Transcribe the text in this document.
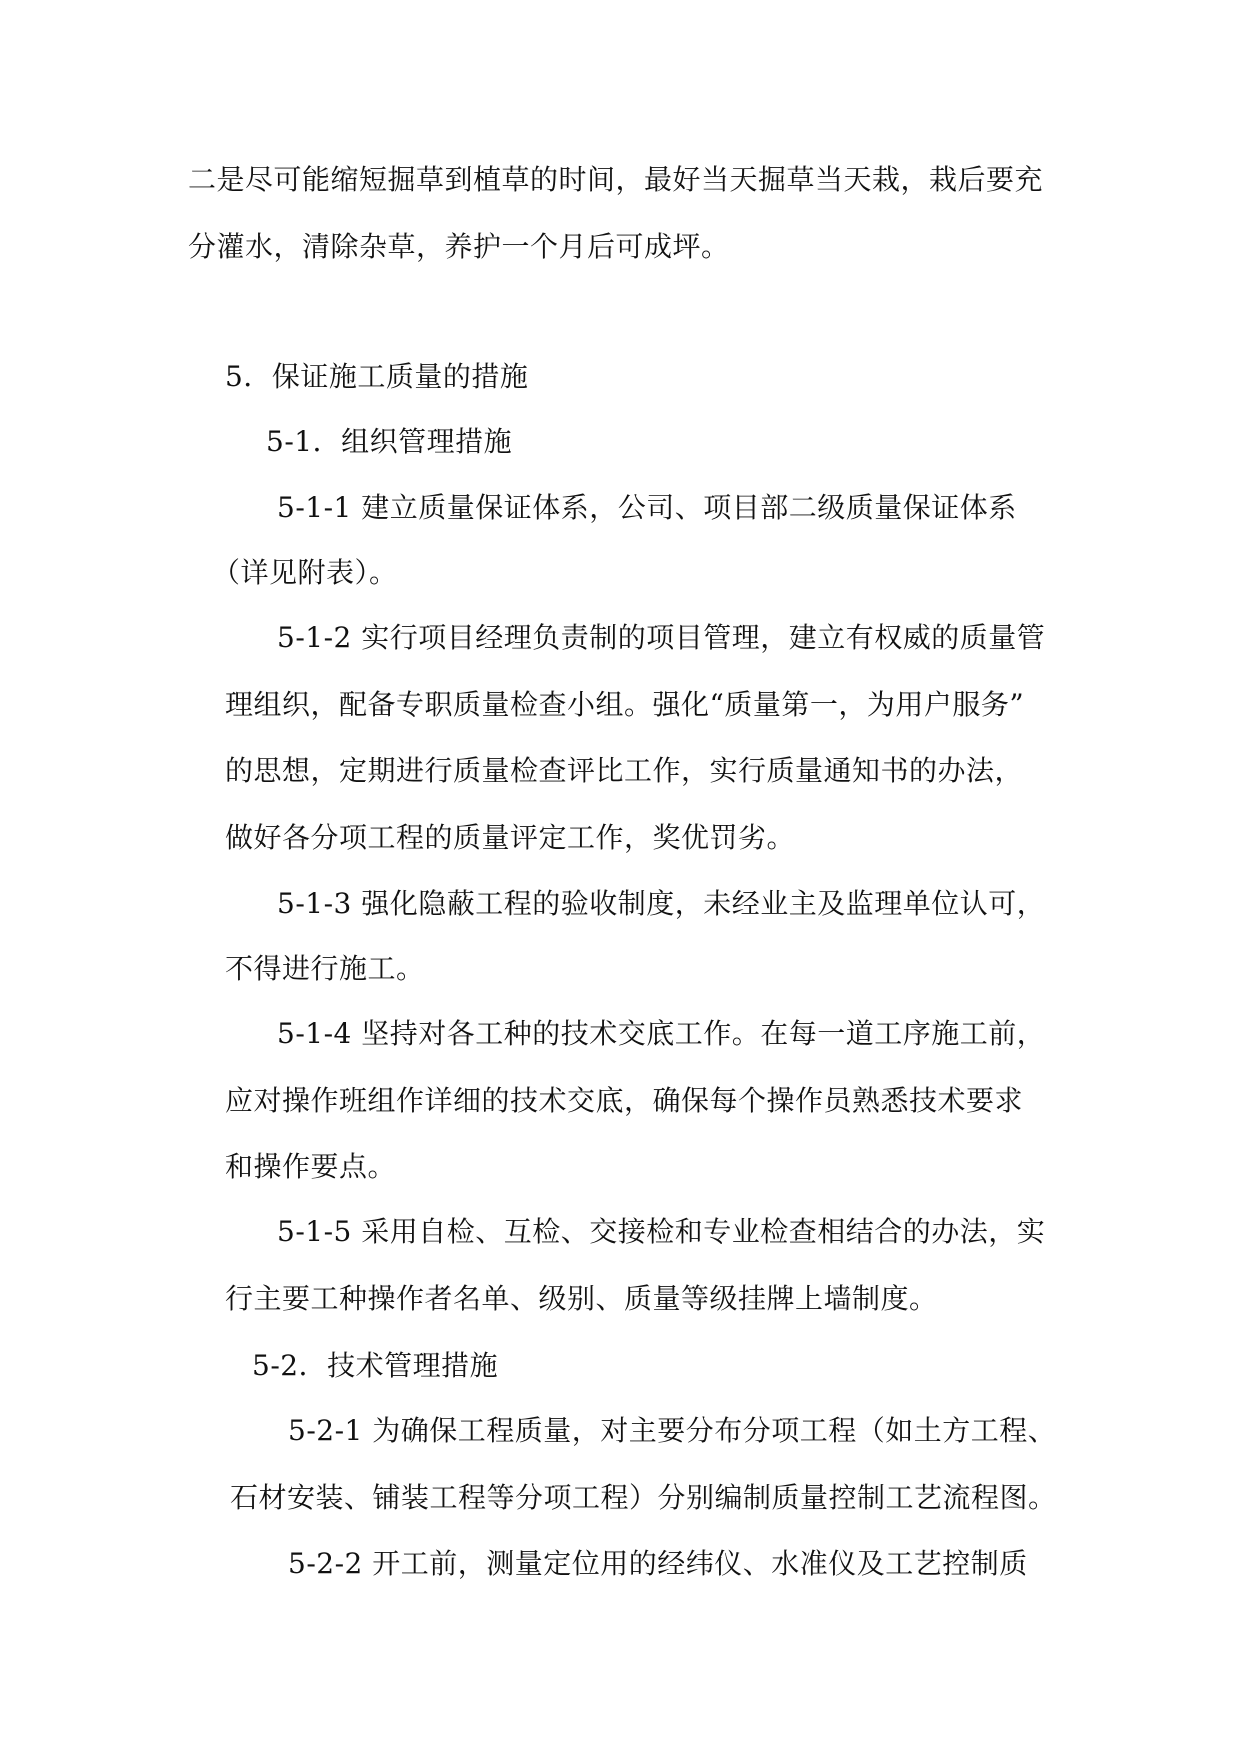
二是尽可能缩短掘草到植草的时间，最好当天掘草当天栽，栽后要充
分灌水，清除杂草，养护一个月后可成坪。
5．保证施工质量的措施
5-1．组织管理措施
5-1-1 建立质量保证体系，公司、项目部二级质量保证体系
（详见附表）。
5-1-2 实行项目经理负责制的项目管理，建立有权威的质量管
理组织，配备专职质量检查小组。强化“质量第一，为用户服务”
的思想，定期进行质量检查评比工作，实行质量通知书的办法，
做好各分项工程的质量评定工作，奖优罚劣。
5-1-3 强化隐蔽工程的验收制度，未经业主及监理单位认可，
不得进行施工。
5-1-4 坚持对各工种的技术交底工作。在每一道工序施工前，
应对操作班组作详细的技术交底，确保每个操作员熟悉技术要求
和操作要点。
5-1-5 采用自检、互检、交接检和专业检查相结合的办法，实
行主要工种操作者名单、级别、质量等级挂牌上墙制度。
5-2．技术管理措施
5-2-1 为确保工程质量，对主要分布分项工程（如土方工程、
石材安装、铺装工程等分项工程）分别编制质量控制工艺流程图。
5-2-2 开工前，测量定位用的经纬仪、水准仪及工艺控制质
